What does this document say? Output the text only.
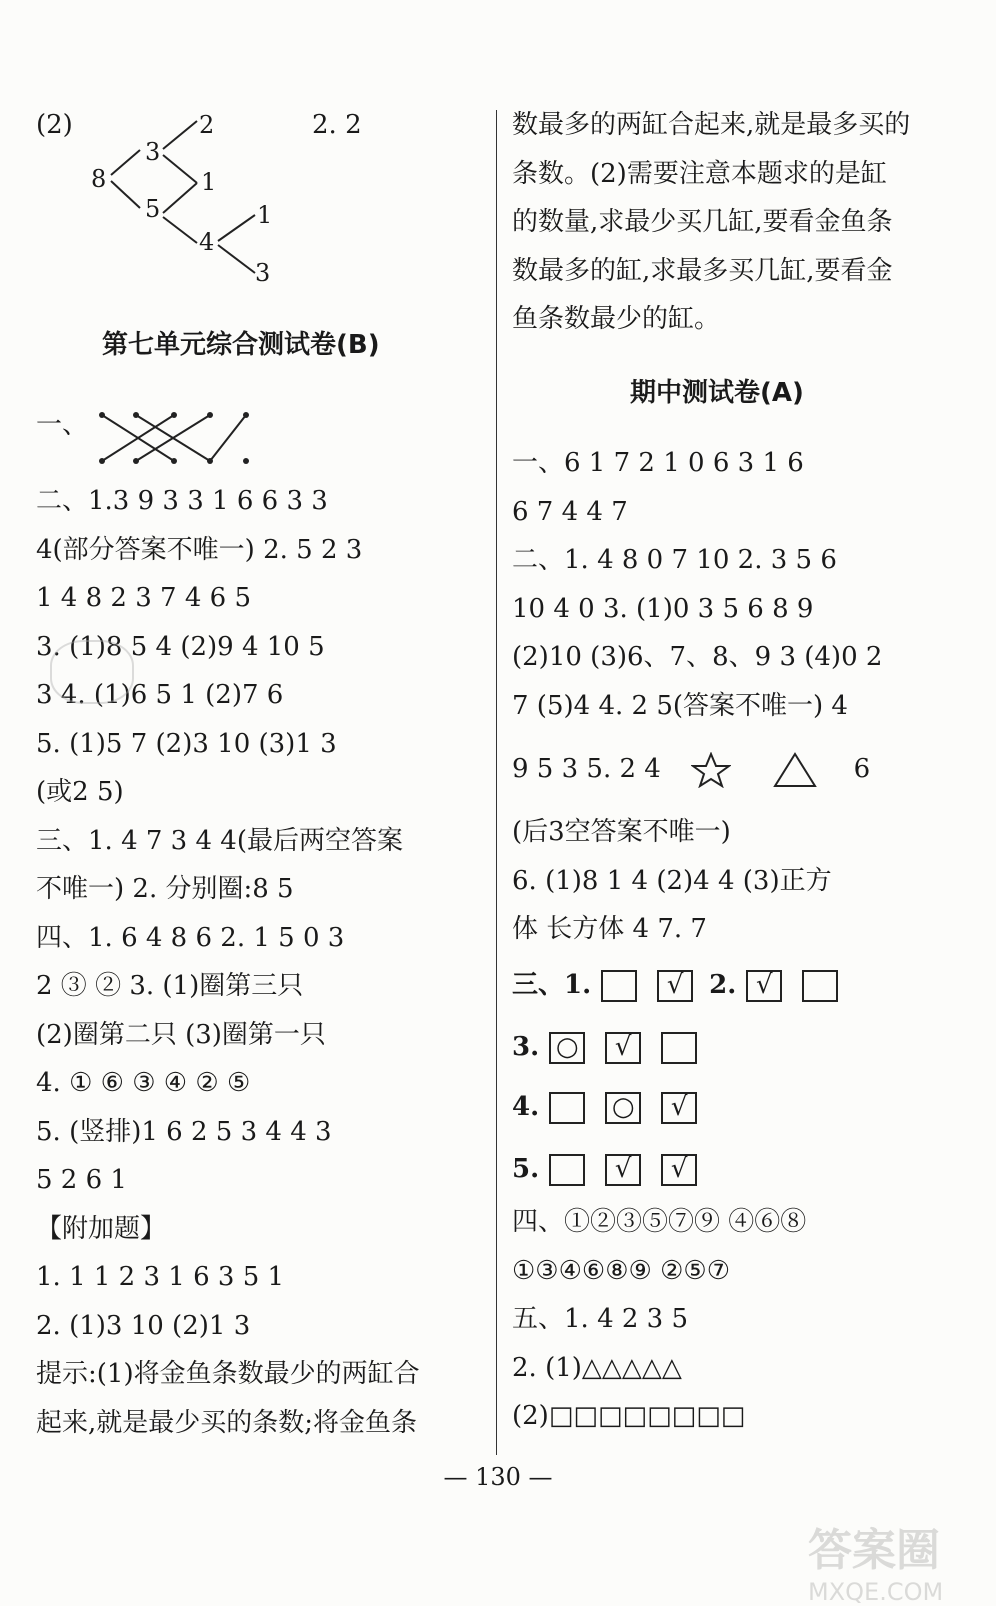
(2)
8
3
2
1
5
4
1
3
2. 2
第七单元综合测试卷(B)
一、
二、1.3 9 3 3 1 6 6 3 3
4(部分答案不唯一) 2. 5 2 3
1 4 8 2 3 7 4 6 5
3. (1)8 5 4 (2)9 4 10 5
3 4. (1)6 5 1 (2)7 6
5. (1)5 7 (2)3 10 (3)1 3
(或2 5)
三、1. 4 7 3 4 4(最后两空答案
不唯一) 2. 分别圈:8 5
四、1. 6 4 8 6 2. 1 5 0 3
2 ③ ② 3. (1)圈第三只
(2)圈第二只 (3)圈第一只
4. ① ⑥ ③ ④ ② ⑤
5. (竖排)1 6 2 5 3 4 4 3
5 2 6 1
【附加题】
1. 1 1 2 3 1 6 3 5 1
2. (1)3 10 (2)1 3
提示:(1)将金鱼条数最少的两缸合
起来,就是最少买的条数;将金鱼条
数最多的两缸合起来,就是最多买的
条数。(2)需要注意本题求的是缸
的数量,求最少买几缸,要看金鱼条
数最多的缸,求最多买几缸,要看金
鱼条数最少的缸。
期中测试卷(A)
一、6 1 7 2 1 0 6 3 1 6
6 7 4 4 7
二、1. 4 8 0 7 10 2. 3 5 6
10 4 0 3. (1)0 3 5 6 8 9
(2)10 (3)6、7、8、9 3 (4)0 2
7 (5)4 4. 2 5(答案不唯一) 4
9 5 3 5. 2 4	6
(后3空答案不唯一)
6. (1)8 1 4 (2)4 4 (3)正方
体 长方体 4 7. 7
三、1.	√ 2. √
3. ○ √
4.	○ √
5.	√ √
四、①②③⑤⑦⑨ ④⑥⑧
①③④⑥⑧⑨ ②⑤⑦
五、1. 4 2 3 5
2. (1)△△△△△
(2)□□□□□□□□
— 130 —
答案圈
MXQE.COM
